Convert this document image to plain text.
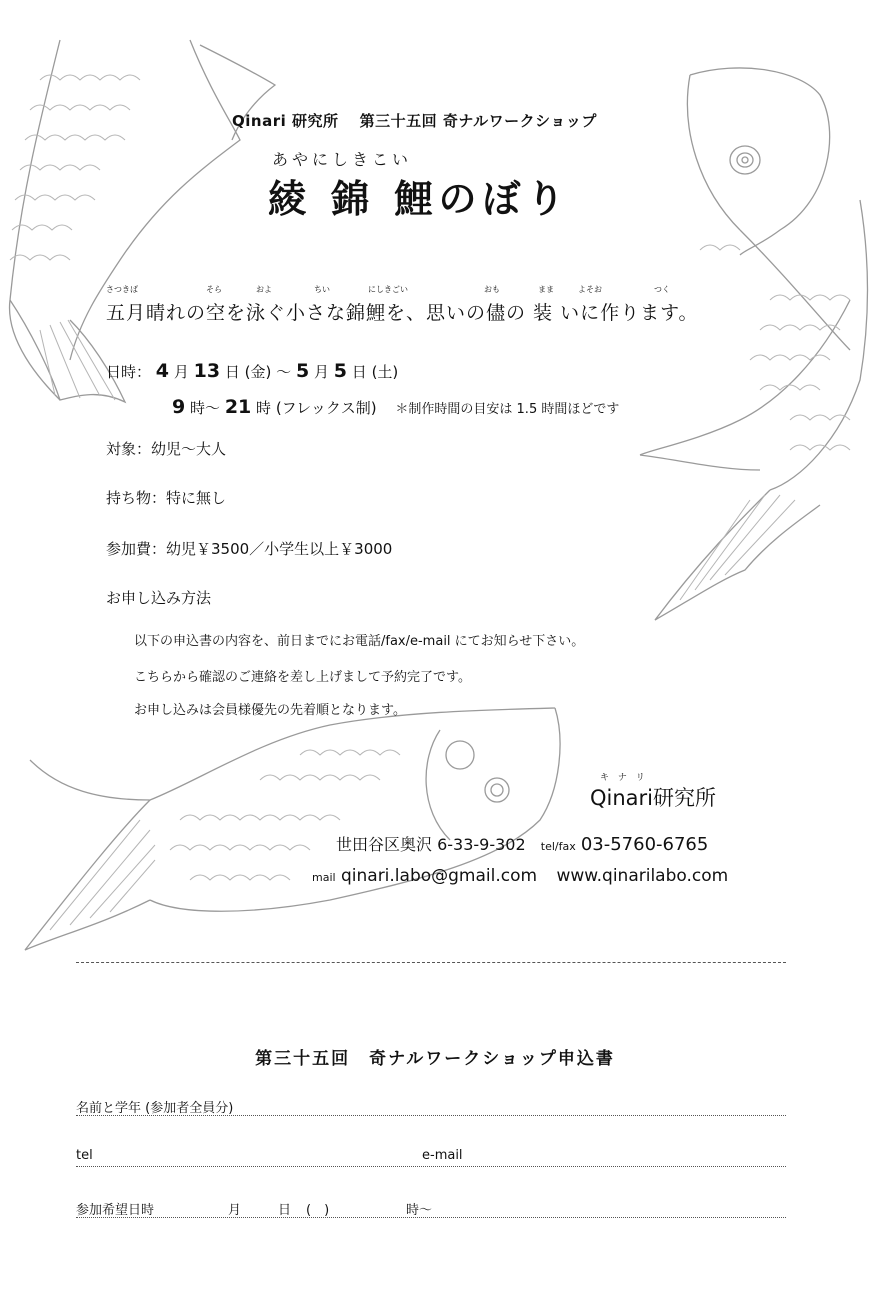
Qinari 研究所　 第三十五回 奇ナルワークショップ
あやにしきこい
綾 錦 鯉のぼり
さつきば	そら	およ	ちい	にしきごい	おも	まま	よそお	つく
五月晴れの空を泳ぐ小さな錦鯉を、思いの儘の 装 いに作ります。
日時： 4 月 13 日 (金) ～ 5 月 5 日 (土)
9 時～ 21 時 (フレックス制) ＊制作時間の目安は 1.5 時間ほどです
対象：幼児～大人
持ち物：特に無し
参加費：幼児￥3500／小学生以上￥3000
お申し込み方法
以下の申込書の内容を、前日までにお電話/fax/e-mail にてお知らせ下さい。
こちらから確認のご連絡を差し上げまして予約完了です。
お申し込みは会員様優先の先着順となります。
キ ナ リ
Qinari研究所
世田谷区奥沢 6-33-9-302 tel/fax 03-5760-6765
mail qinari.labo@gmail.com www.qinarilabo.com
第三十五回　奇ナルワークショップ申込書
名前と学年 (参加者全員分)
tel	e-mail
参加希望日時	月	日 (　)	時～
